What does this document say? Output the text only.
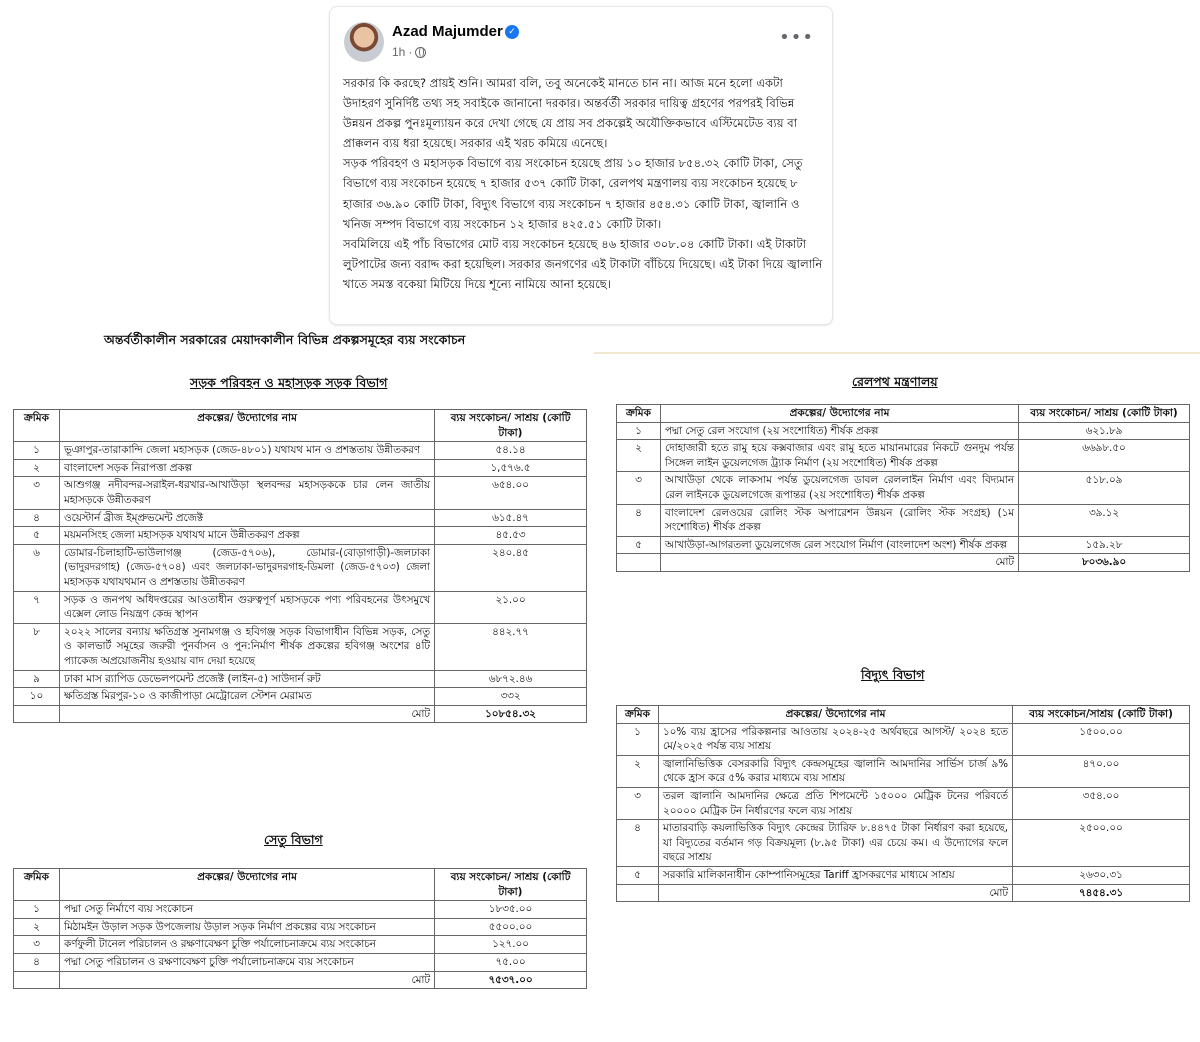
Azad Majumder ✓
1h ·
•••

সরকার কি করছে? প্রায়ই শুনি। আমরা বলি, তবু অনেকেই মানতে চান না। আজ মনে হলো একটা উদাহরণ সুনির্দিষ্ট তথ্য সহ সবাইকে জানানো দরকার। অন্তর্বর্তী সরকার দায়িত্ব গ্রহণের পরপরই বিভিন্ন উন্নয়ন প্রকল্প পুনঃমূল্যায়ন করে দেখা গেছে যে প্রায় সব প্রকল্পেই অযৌক্তিকভাবে এস্টিমেটেড ব্যয় বা প্রাক্কলন ব্যয় ধরা হয়েছে। সরকার এই খরচ কমিয়ে এনেছে।

সড়ক পরিবহণ ও মহাসড়ক বিভাগে ব্যয় সংকোচন হয়েছে প্রায় ১০ হাজার ৮৫৪.৩২ কোটি টাকা, সেতু বিভাগে ব্যয় সংকোচন হয়েছে ৭ হাজার ৫৩৭ কোটি টাকা, রেলপথ মন্ত্রণালয় ব্যয় সংকোচন হয়েছে ৮ হাজার ৩৬.৯০ কোটি টাকা, বিদ্যুৎ বিভাগে ব্যয় সংকোচন ৭ হাজার ৪৫৪.৩১ কোটি টাকা, জ্বালানি ও খনিজ সম্পদ বিভাগে ব্যয় সংকোচন ১২ হাজার ৪২৫.৫১ কোটি টাকা।

সবমিলিয়ে এই পাঁচ বিভাগের মোট ব্যয় সংকোচন হয়েছে ৪৬ হাজার ৩০৮.০৪ কোটি টাকা। এই টাকাটা লুটপাটের জন্য বরাদ্দ করা হয়েছিল। সরকার জনগণের এই টাকাটা বাঁচিয়ে দিয়েছে। এই টাকা দিয়ে জ্বালানি খাতে সমস্ত বকেয়া মিটিয়ে দিয়ে শূন্যে নামিয়ে আনা হয়েছে।

অন্তর্বর্তীকালীন সরকারের মেয়াদকালীন বিভিন্ন প্রকল্পসমূহের ব্যয় সংকোচন
সড়ক পরিবহন ও মহাসড়ক সড়ক বিভাগ
সেতু বিভাগ
রেলপথ মন্ত্রণালয়
বিদ্যুৎ বিভাগ
ক্রমিক	প্রকল্পের/ উদ্যোগের নাম	ব্যয় সংকোচন/ সাশ্রয় (কোটি টাকা)
১	ভূঞাপুর-তারাকান্দি জেলা মহাসড়ক (জেড-৪৮০১) যথাযথ মান ও প্রশস্ততায় উন্নীতকরণ	৫৪.১৪
২	বাংলাদেশ সড়ক নিরাপত্তা প্রকল্প	১,৫৭৬.৫
৩	আশুগঞ্জ নদীবন্দর-সরাইল-ধরখার-আখাউড়া স্থলবন্দর মহাসড়ককে চার লেন জাতীয় মহাসড়কে উন্নীতকরণ	৬৫৪.০০
৪	ওয়েস্টার্ন ব্রীজ ইম্প্রুভমেন্ট প্রজেক্ট	৬১৫.৪৭
৫	ময়মনসিংহ জেলা মহাসড়ক যথাযথ মানে উন্নীতকরণ প্রকল্প	৪৫.৫৩
৬	ডোমার-চিলাহাটি-ভাউলাগঞ্জ (জেড-৫৭০৬), ডোমার-(বোড়াগাড়ী)-জলঢাকা (ভাদুরদরগাহ) (জেড-৫৭০৪) এবং জলঢাকা-ভাদুরদরগাহ-ডিমলা (জেড-৫৭০৩) জেলা মহাসড়ক যথাযথমান ও প্রশস্ততায় উন্নীতকরণ	২৪০.৪৫
৭	সড়ক ও জনপথ অধিদপ্তরের আওতাধীন গুরুত্বপূর্ণ মহাসড়কে পণ্য পরিবহনের উৎসমুখে এক্সেল লোড নিয়ন্ত্রণ কেন্দ্র স্থাপন	২১.০০
৮	২০২২ সালের বন্যায় ক্ষতিগ্রস্ত সুনামগঞ্জ ও হবিগঞ্জ সড়ক বিভাগাধীন বিভিন্ন সড়ক, সেতু ও কালভার্ট সমূহের জরুরী পুনর্বাসন ও পুন:নির্মাণ শীর্ষক প্রকল্পের হবিগঞ্জ অংশের ৪টি প্যাকেজ অপ্রয়োজনীয় হওয়ায় বাদ দেয়া হয়েছে	৪৪২.৭৭
৯	ঢাকা মাস র‍্যাপিড ডেভেলপমেন্ট প্রজেক্ট (লাইন-৫) সাউদার্ন রুট	৬৮৭২.৪৬
১০	ক্ষতিগ্রস্ত মিরপুর-১০ ও কাজীপাড়া মেট্রোরেল স্টেশন মেরামত	৩৩২
	মোট	১০৮৫৪.৩২
ক্রমিক	প্রকল্পের/ উদ্যোগের নাম	ব্যয় সংকোচন/ সাশ্রয় (কোটি টাকা)
১	পদ্মা সেতু নির্মাণে ব্যয় সংকোচন	১৮৩৫.০০
২	মিঠামইন উড়াল সড়ক উপজেলায় উড়াল সড়ক নির্মাণ প্রকল্পের ব্যয় সংকোচন	৫৫০০.০০
৩	কর্ণফুলী টানেল পরিচালন ও রক্ষণাবেক্ষণ চুক্তি পর্যালোচনাক্রমে ব্যয় সংকোচন	১২৭.০০
৪	পদ্মা সেতু পরিচালন ও রক্ষণাবেক্ষণ চুক্তি পর্যালোচনাক্রমে ব্যয় সংকোচন	৭৫.০০
	মোট	৭৫৩৭.০০
ক্রমিক	প্রকল্পের/ উদ্যোগের নাম	ব্যয় সংকোচন/ সাশ্রয় (কোটি টাকা)
১	পদ্মা সেতু রেল সংযোগ (২য় সংশোধিত) শীর্ষক প্রকল্প	৬২১.৮৯
২	দোহাজারী হতে রামু হয়ে কক্সবাজার এবং রামু হতে মায়ানমারের নিকটে গুনদুম পর্যন্ত সিঙ্গেল লাইন ডুয়েলগেজ ট্র্যাক নির্মাণ (২য় সংশোধিত) শীর্ষক প্রকল্প	৬৬৯৮.৫০
৩	আখাউড়া থেকে লাকসাম পর্যন্ত ডুয়েলগেজ ডাবল রেললাইন নির্মাণ এবং বিদ্যমান রেল লাইনকে ডুয়েলগেজে রূপান্তর (২য় সংশোধিত) শীর্ষক প্রকল্প	৫১৮.০৯
৪	বাংলাদেশ রেলওয়ের রোলিং স্টক অপারেশন উন্নয়ন (রোলিং স্টক সংগ্রহ) (১ম সংশোধিত) শীর্ষক প্রকল্প	৩৯.১২
৫	আখাউড়া-আগরতলা ডুয়েলগেজ রেল সংযোগ নির্মাণ (বাংলাদেশ অংশ) শীর্ষক প্রকল্প	১৫৯.২৮
	মোট	৮০৩৬.৯০
ক্রমিক	প্রকল্পের/ উদ্যোগের নাম	ব্যয় সংকোচন/সাশ্রয় (কোটি টাকা)
১	১০% ব্যয় হ্রাসের পরিকল্পনার আওতায় ২০২৪-২৫ অর্থবছরে আগস্ট/ ২০২৪ হতে মে/২০২৫ পর্যন্ত ব্যয় সাশ্রয়	১৫০০.০০
২	জ্বালানিভিত্তিক বেসরকারি বিদ্যুৎ কেন্দ্রসমূহের জ্বালানি আমদানির সার্ভিস চার্জ ৯% থেকে হ্রাস করে ৫% করার মাধ্যমে ব্যয় সাশ্রয়	৪৭০.০০
৩	তরল জ্বালানি আমদানির ক্ষেত্রে প্রতি শিপমেন্টে ১৫০০০ মেট্রিক টনের পরিবর্তে ২০০০০ মেট্রিক টন নির্ধারণের ফলে ব্যয় সাশ্রয়	৩৫৪.০০
৪	মাতারবাড়ি কয়লাভিত্তিক বিদ্যুৎ কেন্দ্রের ট্যারিফ ৮.৪৪৭৫ টাকা নির্ধারণ করা হয়েছে, যা বিদ্যুতের বর্তমান গড় বিক্রয়মূল্য (৮.৯৫ টাকা) এর চেয়ে কম। এ উদ্যোগের ফলে বছরে সাশ্রয়	২৫০০.০০
৫	সরকারি মালিকানাধীন কোম্পানিসমূহের Tariff হ্রাসকরণের মাধ্যমে সাশ্রয়	২৬৩০.৩১
	মোট	৭৪৫৪.৩১
